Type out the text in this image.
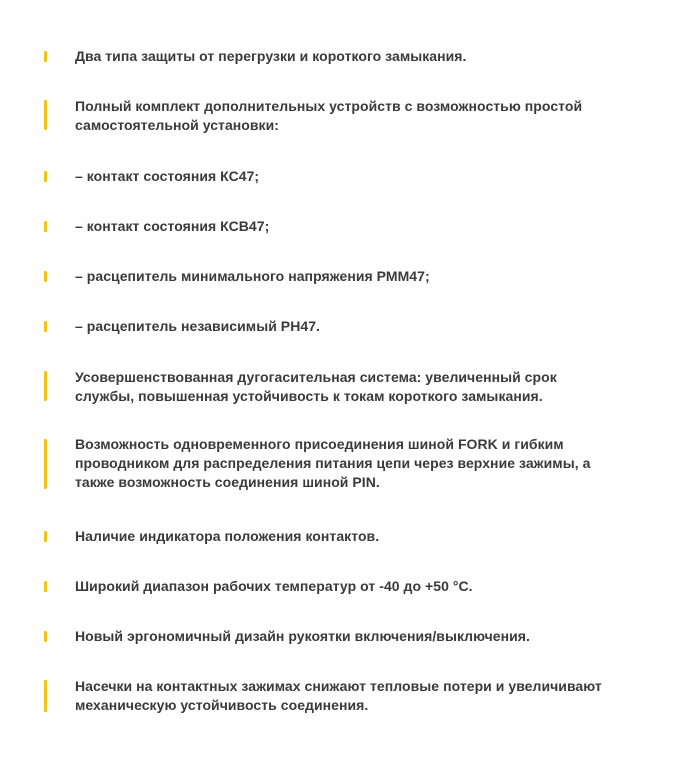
Два типа защиты от перегрузки и короткого замыкания.

Полный комплект дополнительных устройств с возможностью простой
самостоятельной установки:

– контакт состояния КС47;

– контакт состояния КСВ47;

– расцепитель минимального напряжения РММ47;

– расцепитель независимый РН47.

Усовершенствованная дугогасительная система: увеличенный срок
службы, повышенная устойчивость к токам короткого замыкания.

Возможность одновременного присоединения шиной FORK и гибким
проводником для распределения питания цепи через верхние зажимы, а
также возможность соединения шиной PIN.

Наличие индикатора положения контактов.

Широкий диапазон рабочих температур от -40 до +50 °С.

Новый эргономичный дизайн рукоятки включения/выключения.

Насечки на контактных зажимах снижают тепловые потери и увеличивают
механическую устойчивость соединения.
